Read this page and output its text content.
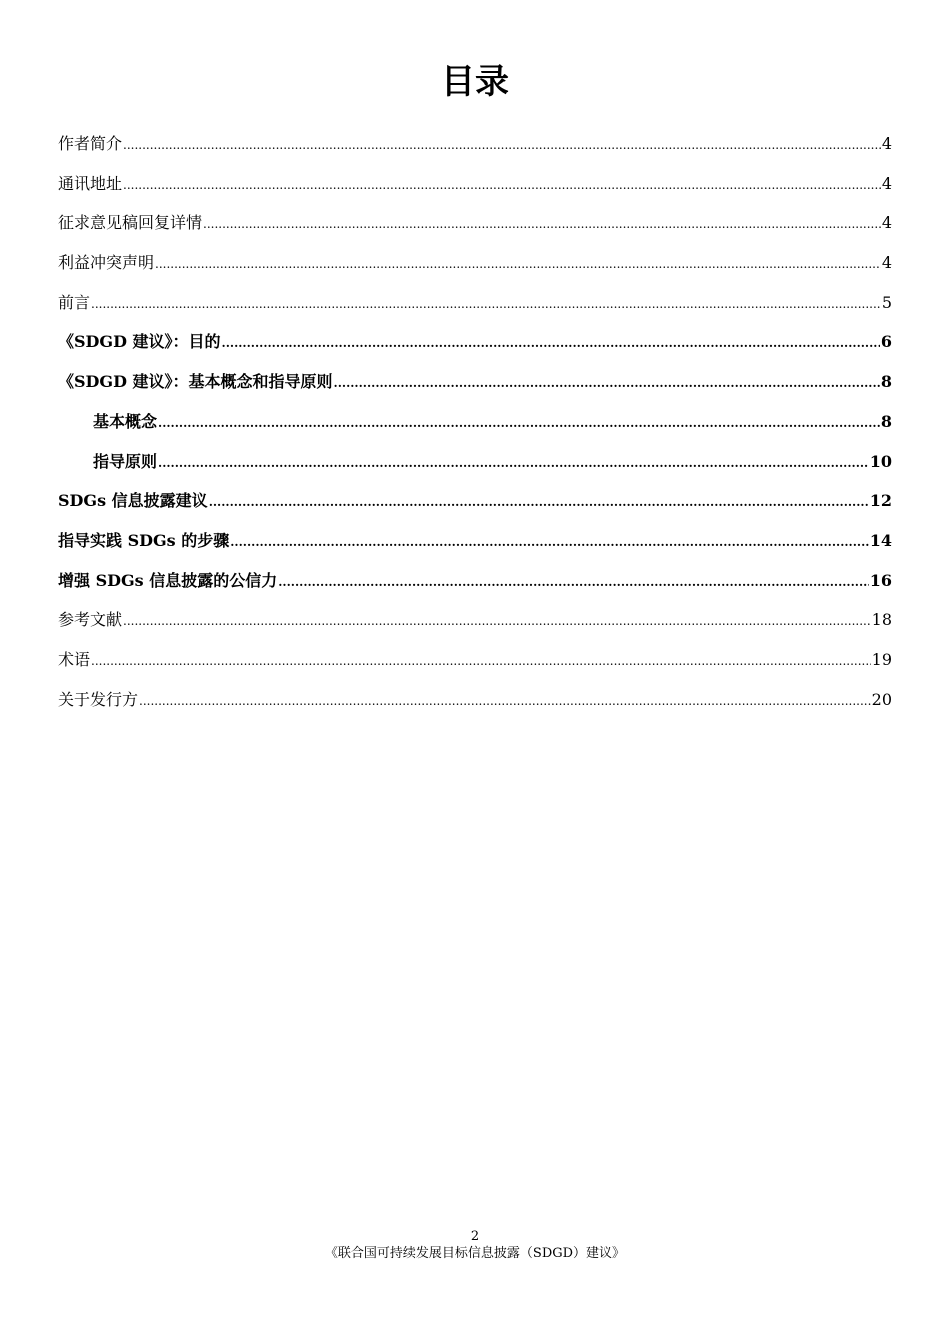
目录
作者简介 .....	4
通讯地址 .....	4
征求意见稿回复详情 .....	4
利益冲突声明 .....	4
前言 .....	5
《SDGD 建议》：目的 .....	6
《SDGD 建议》：基本概念和指导原则 .....	8
基本概念 .....	8
指导原则 .....	10
SDGs 信息披露建议 .....	12
指导实践 SDGs 的步骤 .....	14
增强 SDGs 信息披露的公信力 .....	16
参考文献 .....	18
术语 .....	19
关于发行方 .....	20
2
《联合国可持续发展目标信息披露（SDGD）建议》
